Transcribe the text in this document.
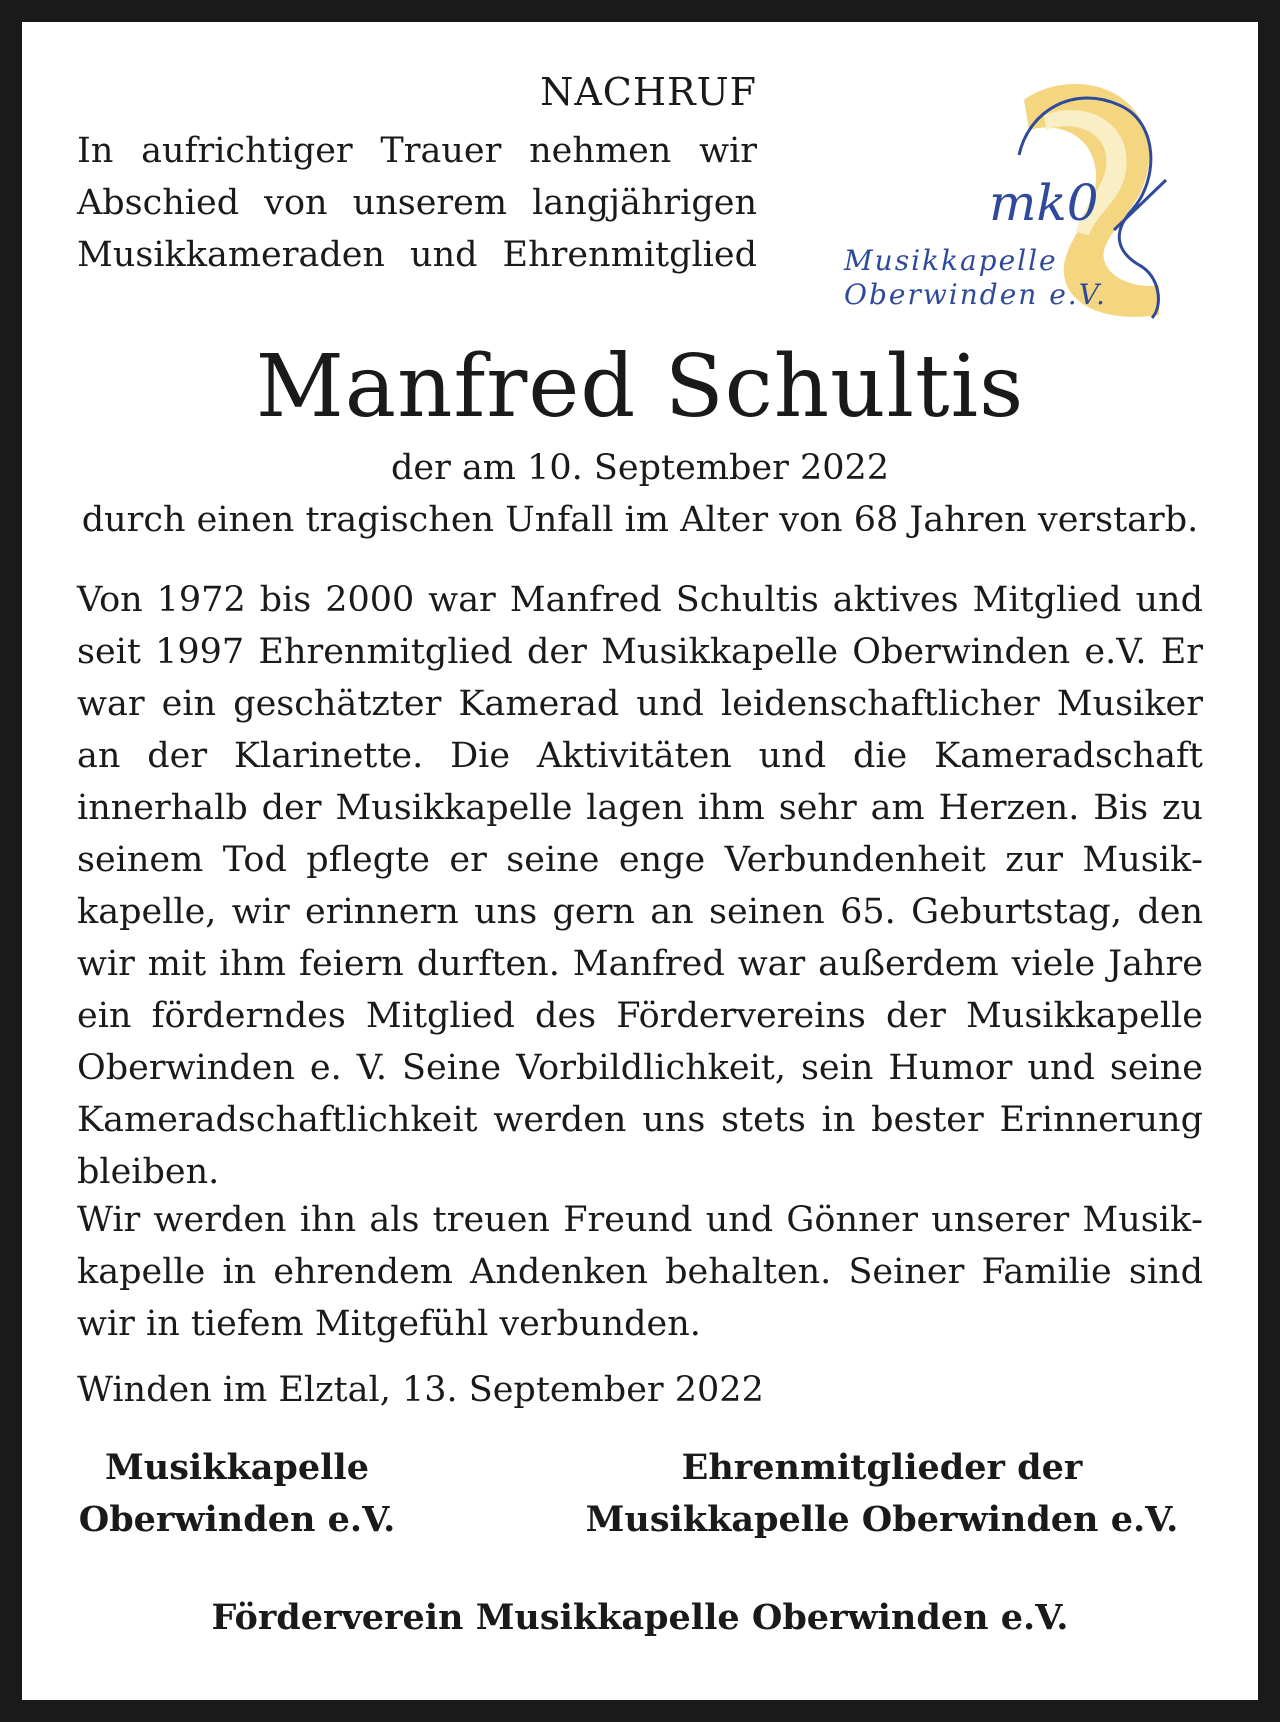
NACHRUF

In aufrichtiger Trauer nehmen wir
Abschied von unserem langjährigen
Musikkameraden und Ehrenmitglied

mk0
Musikkapelle
Oberwinden e.V.
Manfred Schultis

der am 10. September 2022
durch einen tragischen Unfall im Alter von 68 Jahren verstarb.

Von 1972 bis 2000 war Manfred Schultis aktives Mitglied und seit 1997 Ehrenmitglied der Musikkapelle Oberwinden e.V. Er war ein geschätzter Kamerad und leidenschaftlicher Musiker an der Klarinette. Die Aktivitäten und die Kameradschaft innerhalb der Musikkapelle lagen ihm sehr am Herzen. Bis zu seinem Tod pflegte er seine enge Verbundenheit zur Musikkapelle, wir erinnern uns gern an seinen 65. Geburtstag, den wir mit ihm feiern durften. Manfred war außerdem viele Jahre ein förderndes Mitglied des Fördervereins der Musikkapelle Oberwinden e. V. Seine Vorbildlichkeit, sein Humor und seine Kameradschaftlichkeit werden uns stets in bester Erinnerung bleiben.

Wir werden ihn als treuen Freund und Gönner unserer Musikkapelle in ehrendem Andenken behalten. Seiner Familie sind wir in tiefem Mitgefühl verbunden.

Winden im Elztal, 13. September 2022

Musikkapelle
Oberwinden e.V.

Ehrenmitglieder der
Musikkapelle Oberwinden e.V.

Förderverein Musikkapelle Oberwinden e.V.
